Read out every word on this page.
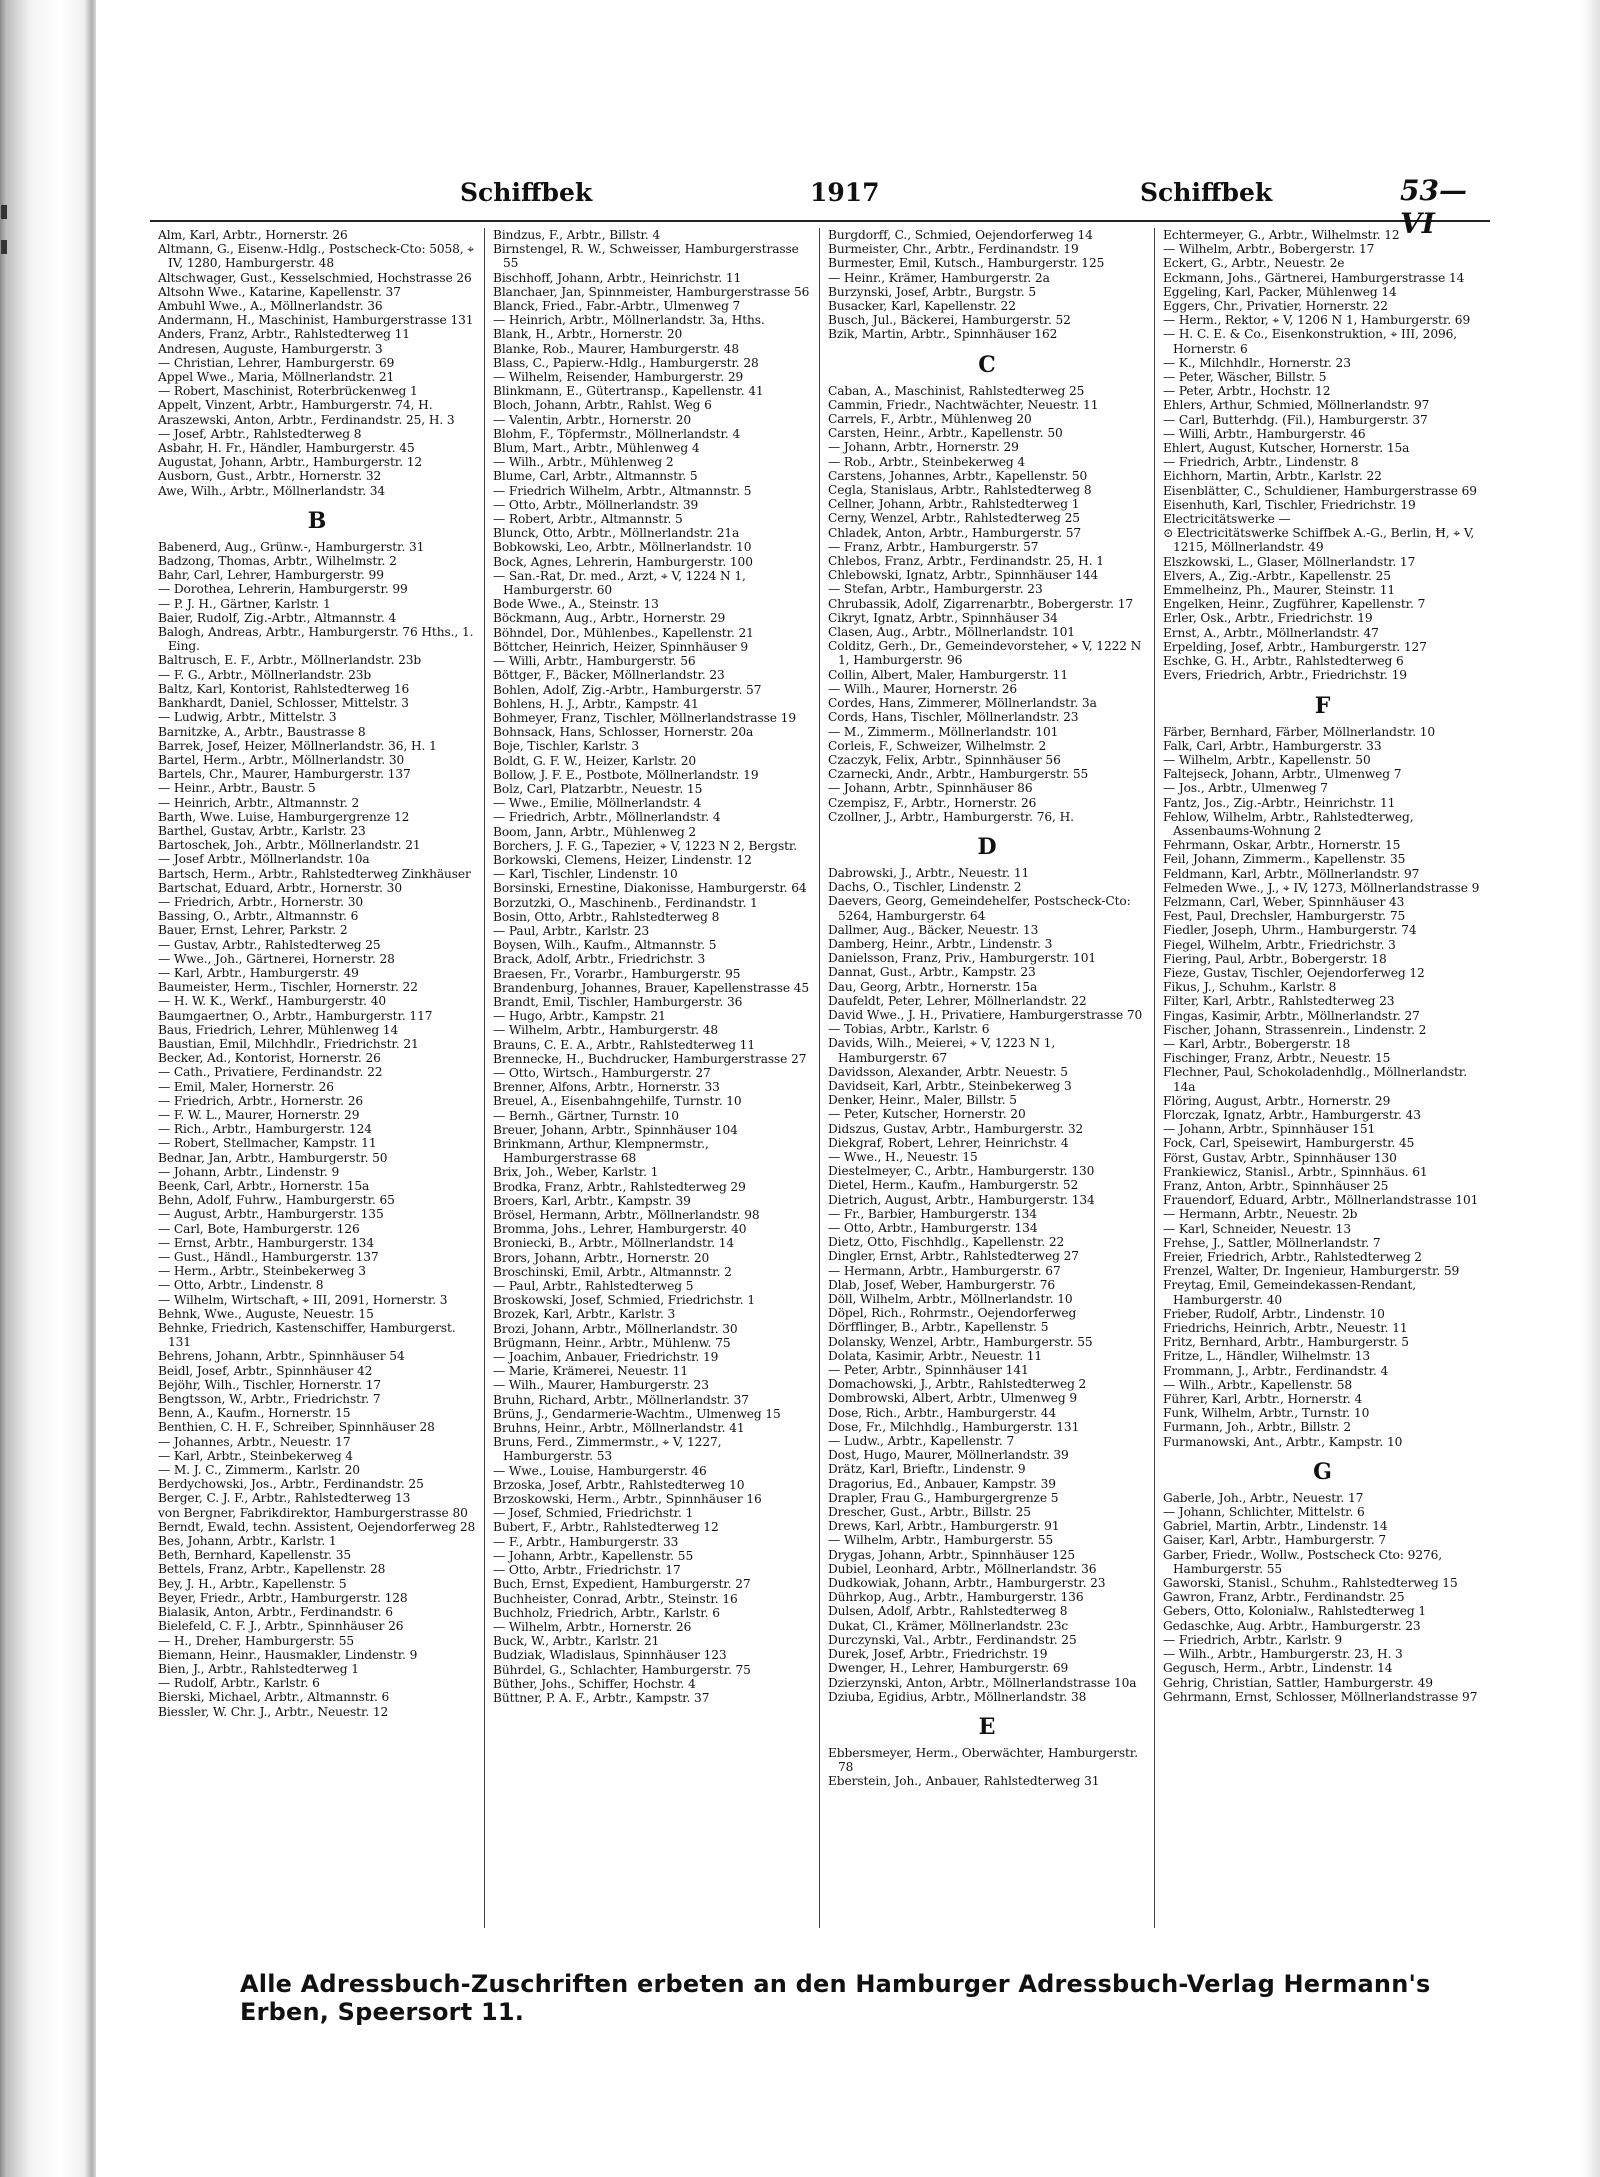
Schiffbek	1917	Schiffbek	53—VI
Alm, Karl, Arbtr., Hornerstr. 26
Altmann, G., Eisenw.-Hdlg., Postscheck-Cto: 5058, ⌖ IV, 1280, Hamburgerstr. 48
Altschwager, Gust., Kesselschmied, Hochstrasse 26
Altsohn Wwe., Katarine, Kapellenstr. 37
Ambuhl Wwe., A., Möllnerlandstr. 36
Andermann, H., Maschinist, Hamburgerstrasse 131
Anders, Franz, Arbtr., Rahlstedterweg 11
Andresen, Auguste, Hamburgerstr. 3
— Christian, Lehrer, Hamburgerstr. 69
Appel Wwe., Maria, Möllnerlandstr. 21
— Robert, Maschinist, Roterbrückenweg 1
Appelt, Vinzent, Arbtr., Hamburgerstr. 74, H.
Araszewski, Anton, Arbtr., Ferdinandstr. 25, H. 3
— Josef, Arbtr., Rahlstedterweg 8
Asbahr, H. Fr., Händler, Hamburgerstr. 45
Augustat, Johann, Arbtr., Hamburgerstr. 12
Ausborn, Gust., Arbtr., Hornerstr. 32
Awe, Wilh., Arbtr., Möllnerlandstr. 34
B
Babenerd, Aug., Grünw.-, Hamburgerstr. 31
Badzong, Thomas, Arbtr., Wilhelmstr. 2
Bahr, Carl, Lehrer, Hamburgerstr. 99
— Dorothea, Lehrerin, Hamburgerstr. 99
— P. J. H., Gärtner, Karlstr. 1
Baier, Rudolf, Zig.-Arbtr., Altmannstr. 4
Balogh, Andreas, Arbtr., Hamburgerstr. 76 Hths., 1. Eing.
Baltrusch, E. F., Arbtr., Möllnerlandstr. 23b
— F. G., Arbtr., Möllnerlandstr. 23b
Baltz, Karl, Kontorist, Rahlstedterweg 16
Bankhardt, Daniel, Schlosser, Mittelstr. 3
— Ludwig, Arbtr., Mittelstr. 3
Barnitzke, A., Arbtr., Baustrasse 8
Barrek, Josef, Heizer, Möllnerlandstr. 36, H. 1
Bartel, Herm., Arbtr., Möllnerlandstr. 30
Bartels, Chr., Maurer, Hamburgerstr. 137
— Heinr., Arbtr., Baustr. 5
— Heinrich, Arbtr., Altmannstr. 2
Barth, Wwe. Luise, Hamburgergrenze 12
Barthel, Gustav, Arbtr., Karlstr. 23
Bartoschek, Joh., Arbtr., Möllnerlandstr. 21
— Josef Arbtr., Möllnerlandstr. 10a
Bartsch, Herm., Arbtr., Rahlstedterweg Zinkhäuser
Bartschat, Eduard, Arbtr., Hornerstr. 30
— Friedrich, Arbtr., Hornerstr. 30
Bassing, O., Arbtr., Altmannstr. 6
Bauer, Ernst, Lehrer, Parkstr. 2
— Gustav, Arbtr., Rahlstedterweg 25
— Wwe., Joh., Gärtnerei, Hornerstr. 28
— Karl, Arbtr., Hamburgerstr. 49
Baumeister, Herm., Tischler, Hornerstr. 22
— H. W. K., Werkf., Hamburgerstr. 40
Baumgaertner, O., Arbtr., Hamburgerstr. 117
Baus, Friedrich, Lehrer, Mühlenweg 14
Baustian, Emil, Milchhdlr., Friedrichstr. 21
Becker, Ad., Kontorist, Hornerstr. 26
— Cath., Privatiere, Ferdinandstr. 22
— Emil, Maler, Hornerstr. 26
— Friedrich, Arbtr., Hornerstr. 26
— F. W. L., Maurer, Hornerstr. 29
— Rich., Arbtr., Hamburgerstr. 124
— Robert, Stellmacher, Kampstr. 11
Bednar, Jan, Arbtr., Hamburgerstr. 50
— Johann, Arbtr., Lindenstr. 9
Beenk, Carl, Arbtr., Hornerstr. 15a
Behn, Adolf, Fuhrw., Hamburgerstr. 65
— August, Arbtr., Hamburgerstr. 135
— Carl, Bote, Hamburgerstr. 126
— Ernst, Arbtr., Hamburgerstr. 134
— Gust., Händl., Hamburgerstr. 137
— Herm., Arbtr., Steinbekerweg 3
— Otto, Arbtr., Lindenstr. 8
— Wilhelm, Wirtschaft, ⌖ III, 2091, Hornerstr. 3
Behnk, Wwe., Auguste, Neuestr. 15
Behnke, Friedrich, Kastenschiffer, Hamburgerst. 131
Behrens, Johann, Arbtr., Spinnhäuser 54
Beidl, Josef, Arbtr., Spinnhäuser 42
Bejöhr, Wilh., Tischler, Hornerstr. 17
Bengtsson, W., Arbtr., Friedrichstr. 7
Benn, A., Kaufm., Hornerstr. 15
Benthien, C. H. F., Schreiber, Spinnhäuser 28
— Johannes, Arbtr., Neuestr. 17
— Karl, Arbtr., Steinbekerweg 4
— M. J. C., Zimmerm., Karlstr. 20
Berdychowski, Jos., Arbtr., Ferdinandstr. 25
Berger, C. J. F., Arbtr., Rahlstedterweg 13
von Bergner, Fabrikdirektor, Hamburgerstrasse 80
Berndt, Ewald, techn. Assistent, Oejendorferweg 28
Bes, Johann, Arbtr., Karlstr. 1
Beth, Bernhard, Kapellenstr. 35
Bettels, Franz, Arbtr., Kapellenstr. 28
Bey, J. H., Arbtr., Kapellenstr. 5
Beyer, Friedr., Arbtr., Hamburgerstr. 128
Bialasik, Anton, Arbtr., Ferdinandstr. 6
Bielefeld, C. F. J., Arbtr., Spinnhäuser 26
— H., Dreher, Hamburgerstr. 55
Biemann, Heinr., Hausmakler, Lindenstr. 9
Bien, J., Arbtr., Rahlstedterweg 1
— Rudolf, Arbtr., Karlstr. 6
Bierski, Michael, Arbtr., Altmannstr. 6
Biessler, W. Chr. J., Arbtr., Neuestr. 12
Bindzus, F., Arbtr., Billstr. 4
Birnstengel, R. W., Schweisser, Hamburgerstrasse 55
Bischhoff, Johann, Arbtr., Heinrichstr. 11
Blanchaer, Jan, Spinnmeister, Hamburgerstrasse 56
Blanck, Fried., Fabr.-Arbtr., Ulmenweg 7
— Heinrich, Arbtr., Möllnerlandstr. 3a, Hths.
Blank, H., Arbtr., Hornerstr. 20
Blanke, Rob., Maurer, Hamburgerstr. 48
Blass, C., Papierw.-Hdlg., Hamburgerstr. 28
— Wilhelm, Reisender, Hamburgerstr. 29
Blinkmann, E., Gütertransp., Kapellenstr. 41
Bloch, Johann, Arbtr., Rahlst. Weg 6
— Valentin, Arbtr., Hornerstr. 20
Blohm, F., Töpfermstr., Möllnerlandstr. 4
Blum, Mart., Arbtr., Mühlenweg 4
— Wilh., Arbtr., Mühlenweg 2
Blume, Carl, Arbtr., Altmannstr. 5
— Friedrich Wilhelm, Arbtr., Altmannstr. 5
— Otto, Arbtr., Möllnerlandstr. 39
— Robert, Arbtr., Altmannstr. 5
Blunck, Otto, Arbtr., Möllnerlandstr. 21a
Bobkowski, Leo, Arbtr., Möllnerlandstr. 10
Bock, Agnes, Lehrerin, Hamburgerstr. 100
— San.-Rat, Dr. med., Arzt, ⌖ V, 1224 N 1, Hamburgerstr. 60
Bode Wwe., A., Steinstr. 13
Böckmann, Aug., Arbtr., Hornerstr. 29
Böhndel, Dor., Mühlenbes., Kapellenstr. 21
Böttcher, Heinrich, Heizer, Spinnhäuser 9
— Willi, Arbtr., Hamburgerstr. 56
Böttger, F., Bäcker, Möllnerlandstr. 23
Bohlen, Adolf, Zig.-Arbtr., Hamburgerstr. 57
Bohlens, H. J., Arbtr., Kampstr. 41
Bohmeyer, Franz, Tischler, Möllnerlandstrasse 19
Bohnsack, Hans, Schlosser, Hornerstr. 20a
Boje, Tischler, Karlstr. 3
Boldt, G. F. W., Heizer, Karlstr. 20
Bollow, J. F. E., Postbote, Möllnerlandstr. 19
Bolz, Carl, Platzarbtr., Neuestr. 15
— Wwe., Emilie, Möllnerlandstr. 4
— Friedrich, Arbtr., Möllnerlandstr. 4
Boom, Jann, Arbtr., Mühlenweg 2
Borchers, J. F. G., Tapezier, ⌖ V, 1223 N 2, Bergstr.
Borkowski, Clemens, Heizer, Lindenstr. 12
— Karl, Tischler, Lindenstr. 10
Borsinski, Ernestine, Diakonisse, Hamburgerstr. 64
Borzutzki, O., Maschinenb., Ferdinandstr. 1
Bosin, Otto, Arbtr., Rahlstedterweg 8
— Paul, Arbtr., Karlstr. 23
Boysen, Wilh., Kaufm., Altmannstr. 5
Brack, Adolf, Arbtr., Friedrichstr. 3
Braesen, Fr., Vorarbr., Hamburgerstr. 95
Brandenburg, Johannes, Brauer, Kapellenstrasse 45
Brandt, Emil, Tischler, Hamburgerstr. 36
— Hugo, Arbtr., Kampstr. 21
— Wilhelm, Arbtr., Hamburgerstr. 48
Brauns, C. E. A., Arbtr., Rahlstedterweg 11
Brennecke, H., Buchdrucker, Hamburgerstrasse 27
— Otto, Wirtsch., Hamburgerstr. 27
Brenner, Alfons, Arbtr., Hornerstr. 33
Breuel, A., Eisenbahngehilfe, Turnstr. 10
— Bernh., Gärtner, Turnstr. 10
Breuer, Johann, Arbtr., Spinnhäuser 104
Brinkmann, Arthur, Klempnermstr., Hamburgerstrasse 68
Brix, Joh., Weber, Karlstr. 1
Brodka, Franz, Arbtr., Rahlstedterweg 29
Broers, Karl, Arbtr., Kampstr. 39
Brösel, Hermann, Arbtr., Möllnerlandstr. 98
Bromma, Johs., Lehrer, Hamburgerstr. 40
Broniecki, B., Arbtr., Möllnerlandstr. 14
Brors, Johann, Arbtr., Hornerstr. 20
Broschinski, Emil, Arbtr., Altmannstr. 2
— Paul, Arbtr., Rahlstedterweg 5
Broskowski, Josef, Schmied, Friedrichstr. 1
Brozek, Karl, Arbtr., Karlstr. 3
Brozi, Johann, Arbtr., Möllnerlandstr. 30
Brügmann, Heinr., Arbtr., Mühlenw. 75
— Joachim, Anbauer, Friedrichstr. 19
— Marie, Krämerei, Neuestr. 11
— Wilh., Maurer, Hamburgerstr. 23
Bruhn, Richard, Arbtr., Möllnerlandstr. 37
Brüns, J., Gendarmerie-Wachtm., Ulmenweg 15
Bruhns, Heinr., Arbtr., Möllnerlandstr. 41
Bruns, Ferd., Zimmermstr., ⌖ V, 1227, Hamburgerstr. 53
— Wwe., Louise, Hamburgerstr. 46
Brzoska, Josef, Arbtr., Rahlstedterweg 10
Brzoskowski, Herm., Arbtr., Spinnhäuser 16
— Josef, Schmied, Friedrichstr. 1
Bubert, F., Arbtr., Rahlstedterweg 12
— F., Arbtr., Hamburgerstr. 33
— Johann, Arbtr., Kapellenstr. 55
— Otto, Arbtr., Friedrichstr. 17
Buch, Ernst, Expedient, Hamburgerstr. 27
Buchheister, Conrad, Arbtr., Steinstr. 16
Buchholz, Friedrich, Arbtr., Karlstr. 6
— Wilhelm, Arbtr., Hornerstr. 26
Buck, W., Arbtr., Karlstr. 21
Budziak, Wladislaus, Spinnhäuser 123
Bührdel, G., Schlachter, Hamburgerstr. 75
Büther, Johs., Schiffer, Hochstr. 4
Büttner, P. A. F., Arbtr., Kampstr. 37
Burgdorff, C., Schmied, Oejendorferweg 14
Burmeister, Chr., Arbtr., Ferdinandstr. 19
Burmester, Emil, Kutsch., Hamburgerstr. 125
— Heinr., Krämer, Hamburgerstr. 2a
Burzynski, Josef, Arbtr., Burgstr. 5
Busacker, Karl, Kapellenstr. 22
Busch, Jul., Bäckerei, Hamburgerstr. 52
Bzik, Martin, Arbtr., Spinnhäuser 162
C
Caban, A., Maschinist, Rahlstedterweg 25
Cammin, Friedr., Nachtwächter, Neuestr. 11
Carrels, F., Arbtr., Mühlenweg 20
Carsten, Heinr., Arbtr., Kapellenstr. 50
— Johann, Arbtr., Hornerstr. 29
— Rob., Arbtr., Steinbekerweg 4
Carstens, Johannes, Arbtr., Kapellenstr. 50
Cegla, Stanislaus, Arbtr., Rahlstedterweg 8
Cellner, Johann, Arbtr., Rahlstedterweg 1
Cerny, Wenzel, Arbtr., Rahlstedterweg 25
Chladek, Anton, Arbtr., Hamburgerstr. 57
— Franz, Arbtr., Hamburgerstr. 57
Chlebos, Franz, Arbtr., Ferdinandstr. 25, H. 1
Chlebowski, Ignatz, Arbtr., Spinnhäuser 144
— Stefan, Arbtr., Hamburgerstr. 23
Chrubassik, Adolf, Zigarrenarbtr., Bobergerstr. 17
Cikryt, Ignatz, Arbtr., Spinnhäuser 34
Clasen, Aug., Arbtr., Möllnerlandstr. 101
Colditz, Gerh., Dr., Gemeindevorsteher, ⌖ V, 1222 N 1, Hamburgerstr. 96
Collin, Albert, Maler, Hamburgerstr. 11
— Wilh., Maurer, Hornerstr. 26
Cordes, Hans, Zimmerer, Möllnerlandstr. 3a
Cords, Hans, Tischler, Möllnerlandstr. 23
— M., Zimmerm., Möllnerlandstr. 101
Corleis, F., Schweizer, Wilhelmstr. 2
Czaczyk, Felix, Arbtr., Spinnhäuser 56
Czarnecki, Andr., Arbtr., Hamburgerstr. 55
— Johann, Arbtr., Spinnhäuser 86
Czempisz, F., Arbtr., Hornerstr. 26
Czollner, J., Arbtr., Hamburgerstr. 76, H.
D
Dabrowski, J., Arbtr., Neuestr. 11
Dachs, O., Tischler, Lindenstr. 2
Daevers, Georg, Gemeindehelfer, Postscheck-Cto: 5264, Hamburgerstr. 64
Dallmer, Aug., Bäcker, Neuestr. 13
Damberg, Heinr., Arbtr., Lindenstr. 3
Danielsson, Franz, Priv., Hamburgerstr. 101
Dannat, Gust., Arbtr., Kampstr. 23
Dau, Georg, Arbtr., Hornerstr. 15a
Daufeldt, Peter, Lehrer, Möllnerlandstr. 22
David Wwe., J. H., Privatiere, Hamburgerstrasse 70
— Tobias, Arbtr., Karlstr. 6
Davids, Wilh., Meierei, ⌖ V, 1223 N 1, Hamburgerstr. 67
Davidsson, Alexander, Arbtr. Neuestr. 5
Davidseit, Karl, Arbtr., Steinbekerweg 3
Denker, Heinr., Maler, Billstr. 5
— Peter, Kutscher, Hornerstr. 20
Didszus, Gustav, Arbtr., Hamburgerstr. 32
Diekgraf, Robert, Lehrer, Heinrichstr. 4
— Wwe., H., Neuestr. 15
Diestelmeyer, C., Arbtr., Hamburgerstr. 130
Dietel, Herm., Kaufm., Hamburgerstr. 52
Dietrich, August, Arbtr., Hamburgerstr. 134
— Fr., Barbier, Hamburgerstr. 134
— Otto, Arbtr., Hamburgerstr. 134
Dietz, Otto, Fischhdlg., Kapellenstr. 22
Dingler, Ernst, Arbtr., Rahlstedterweg 27
— Hermann, Arbtr., Hamburgerstr. 67
Dlab, Josef, Weber, Hamburgerstr. 76
Döll, Wilhelm, Arbtr., Möllnerlandstr. 10
Döpel, Rich., Rohrmstr., Oejendorferweg
Dörfflinger, B., Arbtr., Kapellenstr. 5
Dolansky, Wenzel, Arbtr., Hamburgerstr. 55
Dolata, Kasimir, Arbtr., Neuestr. 11
— Peter, Arbtr., Spinnhäuser 141
Domachowski, J., Arbtr., Rahlstedterweg 2
Dombrowski, Albert, Arbtr., Ulmenweg 9
Dose, Rich., Arbtr., Hamburgerstr. 44
Dose, Fr., Milchhdlg., Hamburgerstr. 131
— Ludw., Arbtr., Kapellenstr. 7
Dost, Hugo, Maurer, Möllnerlandstr. 39
Drätz, Karl, Brieftr., Lindenstr. 9
Dragorius, Ed., Anbauer, Kampstr. 39
Drapler, Frau G., Hamburgergrenze 5
Drescher, Gust., Arbtr., Billstr. 25
Drews, Karl, Arbtr., Hamburgerstr. 91
— Wilhelm, Arbtr., Hamburgerstr. 55
Drygas, Johann, Arbtr., Spinnhäuser 125
Dubiel, Leonhard, Arbtr., Möllnerlandstr. 36
Dudkowiak, Johann, Arbtr., Hamburgerstr. 23
Dührkop, Aug., Arbtr., Hamburgerstr. 136
Dulsen, Adolf, Arbtr., Rahlstedterweg 8
Dukat, Cl., Krämer, Möllnerlandstr. 23c
Durczynski, Val., Arbtr., Ferdinandstr. 25
Durek, Josef, Arbtr., Friedrichstr. 19
Dwenger, H., Lehrer, Hamburgerstr. 69
Dzierzynski, Anton, Arbtr., Möllnerlandstrasse 10a
Dziuba, Egidius, Arbtr., Möllnerlandstr. 38
E
Ebbersmeyer, Herm., Oberwächter, Hamburgerstr. 78
Eberstein, Joh., Anbauer, Rahlstedterweg 31
Echtermeyer, G., Arbtr., Wilhelmstr. 12
— Wilhelm, Arbtr., Bobergerstr. 17
Eckert, G., Arbtr., Neuestr. 2e
Eckmann, Johs., Gärtnerei, Hamburgerstrasse 14
Eggeling, Karl, Packer, Mühlenweg 14
Eggers, Chr., Privatier, Hornerstr. 22
— Herm., Rektor, ⌖ V, 1206 N 1, Hamburgerstr. 69
— H. C. E. & Co., Eisenkonstruktion, ⌖ III, 2096, Hornerstr. 6
— K., Milchhdlr., Hornerstr. 23
— Peter, Wäscher, Billstr. 5
— Peter, Arbtr., Hochstr. 12
Ehlers, Arthur, Schmied, Möllnerlandstr. 97
— Carl, Butterhdg. (Fil.), Hamburgerstr. 37
— Willi, Arbtr., Hamburgerstr. 46
Ehlert, August, Kutscher, Hornerstr. 15a
— Friedrich, Arbtr., Lindenstr. 8
Eichhorn, Martin, Arbtr., Karlstr. 22
Eisenblätter, C., Schuldiener, Hamburgerstrasse 69
Eisenhuth, Karl, Tischler, Friedrichstr. 19
Electricitätswerke —
⊙ Electricitätswerke Schiffbek A.-G., Berlin, Ħ, ⌖ V, 1215, Möllnerlandstr. 49
Elszkowski, L., Glaser, Möllnerlandstr. 17
Elvers, A., Zig.-Arbtr., Kapellenstr. 25
Emmelheinz, Ph., Maurer, Steinstr. 11
Engelken, Heinr., Zugführer, Kapellenstr. 7
Erler, Osk., Arbtr., Friedrichstr. 19
Ernst, A., Arbtr., Möllnerlandstr. 47
Erpelding, Josef, Arbtr., Hamburgerstr. 127
Eschke, G. H., Arbtr., Rahlstedterweg 6
Evers, Friedrich, Arbtr., Friedrichstr. 19
F
Färber, Bernhard, Färber, Möllnerlandstr. 10
Falk, Carl, Arbtr., Hamburgerstr. 33
— Wilhelm, Arbtr., Kapellenstr. 50
Faltejseck, Johann, Arbtr., Ulmenweg 7
— Jos., Arbtr., Ulmenweg 7
Fantz, Jos., Zig.-Arbtr., Heinrichstr. 11
Fehlow, Wilhelm, Arbtr., Rahlstedterweg, Assenbaums-Wohnung 2
Fehrmann, Oskar, Arbtr., Hornerstr. 15
Feil, Johann, Zimmerm., Kapellenstr. 35
Feldmann, Karl, Arbtr., Möllnerlandstr. 97
Felmeden Wwe., J., ⌖ IV, 1273, Möllnerlandstrasse 9
Felzmann, Carl, Weber, Spinnhäuser 43
Fest, Paul, Drechsler, Hamburgerstr. 75
Fiedler, Joseph, Uhrm., Hamburgerstr. 74
Fiegel, Wilhelm, Arbtr., Friedrichstr. 3
Fiering, Paul, Arbtr., Bobergerstr. 18
Fieze, Gustav, Tischler, Oejendorferweg 12
Fikus, J., Schuhm., Karlstr. 8
Filter, Karl, Arbtr., Rahlstedterweg 23
Fingas, Kasimir, Arbtr., Möllnerlandstr. 27
Fischer, Johann, Strassenrein., Lindenstr. 2
— Karl, Arbtr., Bobergerstr. 18
Fischinger, Franz, Arbtr., Neuestr. 15
Flechner, Paul, Schokoladenhdlg., Möllnerlandstr. 14a
Flöring, August, Arbtr., Hornerstr. 29
Florczak, Ignatz, Arbtr., Hamburgerstr. 43
— Johann, Arbtr., Spinnhäuser 151
Fock, Carl, Speisewirt, Hamburgerstr. 45
Först, Gustav, Arbtr., Spinnhäuser 130
Frankiewicz, Stanisl., Arbtr., Spinnhäus. 61
Franz, Anton, Arbtr., Spinnhäuser 25
Frauendorf, Eduard, Arbtr., Möllnerlandstrasse 101
— Hermann, Arbtr., Neuestr. 2b
— Karl, Schneider, Neuestr. 13
Frehse, J., Sattler, Möllnerlandstr. 7
Freier, Friedrich, Arbtr., Rahlstedterweg 2
Frenzel, Walter, Dr. Ingenieur, Hamburgerstr. 59
Freytag, Emil, Gemeindekassen-Rendant, Hamburgerstr. 40
Frieber, Rudolf, Arbtr., Lindenstr. 10
Friedrichs, Heinrich, Arbtr., Neuestr. 11
Fritz, Bernhard, Arbtr., Hamburgerstr. 5
Fritze, L., Händler, Wilhelmstr. 13
Frommann, J., Arbtr., Ferdinandstr. 4
— Wilh., Arbtr., Kapellenstr. 58
Führer, Karl, Arbtr., Hornerstr. 4
Funk, Wilhelm, Arbtr., Turnstr. 10
Furmann, Joh., Arbtr., Billstr. 2
Furmanowski, Ant., Arbtr., Kampstr. 10
G
Gaberle, Joh., Arbtr., Neuestr. 17
— Johann, Schlichter, Mittelstr. 6
Gabriel, Martin, Arbtr., Lindenstr. 14
Gaiser, Karl, Arbtr., Hamburgerstr. 7
Garber, Friedr., Wollw., Postscheck Cto: 9276, Hamburgerstr. 55
Gaworski, Stanisl., Schuhm., Rahlstedterweg 15
Gawron, Franz, Arbtr., Ferdinandstr. 25
Gebers, Otto, Kolonialw., Rahlstedterweg 1
Gedaschke, Aug. Arbtr., Hamburgerstr. 23
— Friedrich, Arbtr., Karlstr. 9
— Wilh., Arbtr., Hamburgerstr. 23, H. 3
Gegusch, Herm., Arbtr., Lindenstr. 14
Gehrig, Christian, Sattler, Hamburgerstr. 49
Gehrmann, Ernst, Schlosser, Möllnerlandstrasse 97
Alle Adressbuch-Zuschriften erbeten an den Hamburger Adressbuch-Verlag Hermann's Erben, Speersort 11.
